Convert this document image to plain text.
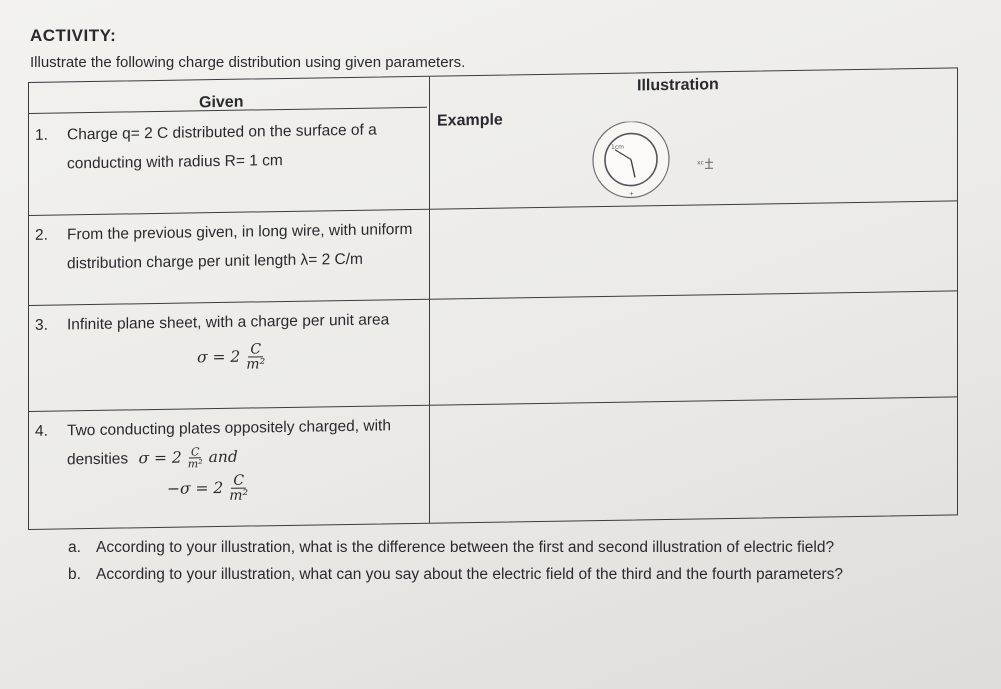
ACTIVITY:
Illustrate the following charge distribution using given parameters.
Given
Illustration
1. Charge q= 2 C distributed on the surface of a conducting with radius R= 1 cm
Example
1cm
+
xc
2. From the previous given, in long wire, with uniform distribution charge per unit length λ= 2 C/m
3. Infinite plane sheet, with a charge per unit area
$\sigma = 2 \frac{C}{\text{m²}}$
4. Two conducting plates oppositely charged, with densities $\sigma = 2 \frac{C}{\text{m²}}$ and
$-\sigma = 2 \frac{C}{\text{m²}}$
a. According to your illustration, what is the difference between the first and second illustration of electric field?
b. According to your illustration, what can you say about the electric field of the third and the fourth parameters?
